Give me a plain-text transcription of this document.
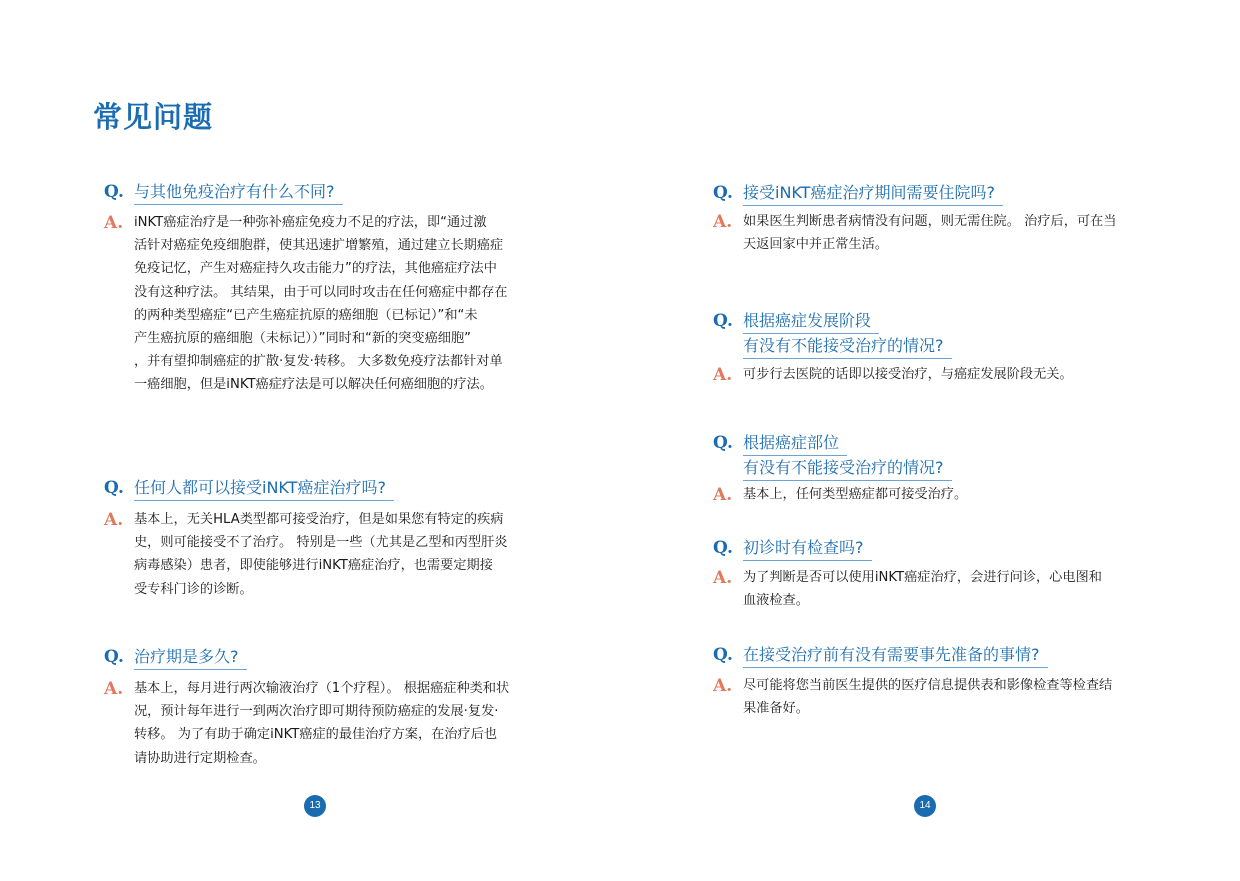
常见问题
Q. 与其他免疫治疗有什么不同?
A. iNKT癌症治疗是一种弥补癌症免疫力不足的疗法，即“通过激
活针对癌症免疫细胞群，使其迅速扩增繁殖，通过建立长期癌症
免疫记忆，产生对癌症持久攻击能力”的疗法，其他癌症疗法中
没有这种疗法。 其结果，由于可以同时攻击在任何癌症中都存在
的两种类型癌症“已产生癌症抗原的癌细胞（已标记）”和“未
产生癌抗原的癌细胞（未标记））”同时和“新的突变癌细胞”
，并有望抑制癌症的扩散·复发·转移。 大多数免疫疗法都针对单
一癌细胞，但是iNKT癌症疗法是可以解决任何癌细胞的疗法。
Q. 任何人都可以接受iNKT癌症治疗吗?
A. 基本上，无关HLA类型都可接受治疗，但是如果您有特定的疾病
史，则可能接受不了治疗。 特别是一些（尤其是乙型和丙型肝炎
病毒感染）患者，即使能够进行iNKT癌症治疗，也需要定期接
受专科门诊的诊断。
Q. 治疗期是多久?
A. 基本上，每月进行两次输液治疗（1个疗程）。 根据癌症种类和状
况，预计每年进行一到两次治疗即可期待预防癌症的发展·复发·
转移。 为了有助于确定iNKT癌症的最佳治疗方案，在治疗后也
请协助进行定期检查。
Q. 接受iNKT癌症治疗期间需要住院吗?
A. 如果医生判断患者病情没有问题，则无需住院。 治疗后，可在当
天返回家中并正常生活。
Q. 根据癌症发展阶段

有没有不能接受治疗的情况?
A. 可步行去医院的话即以接受治疗，与癌症发展阶段无关。
Q. 根据癌症部位

有没有不能接受治疗的情况?
A. 基本上，任何类型癌症都可接受治疗。
Q. 初诊时有检查吗?
A. 为了判断是否可以使用iNKT癌症治疗，会进行问诊，心电图和
血液检查。
Q. 在接受治疗前有没有需要事先准备的事情?
A. 尽可能将您当前医生提供的医疗信息提供表和影像检查等检查结
果准备好。
13	14
